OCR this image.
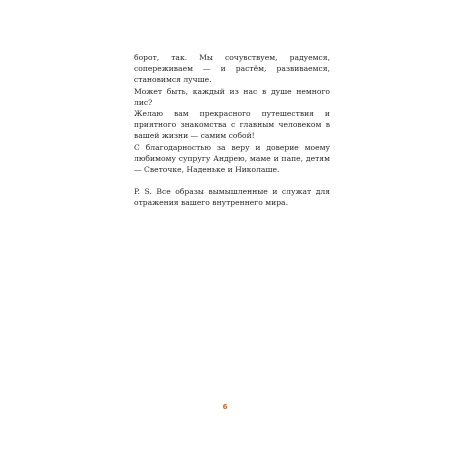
борот, так. Мы сочувствуем, радуемся, сопереживаем — и растём, развиваемся, становимся лучше.

Может быть, каждый из нас в душе немного лис?

Желаю вам прекрасного путешествия и приятного знакомства с главным человеком в вашей жизни — самим собой!

С благодарностью за веру и доверие моему любимому супругу Андрею, маме и папе, детям — Светочке, Наденьке и Николаше.

P. S. Все образы вымышленные и служат для отражения вашего внутреннего мира.

6
